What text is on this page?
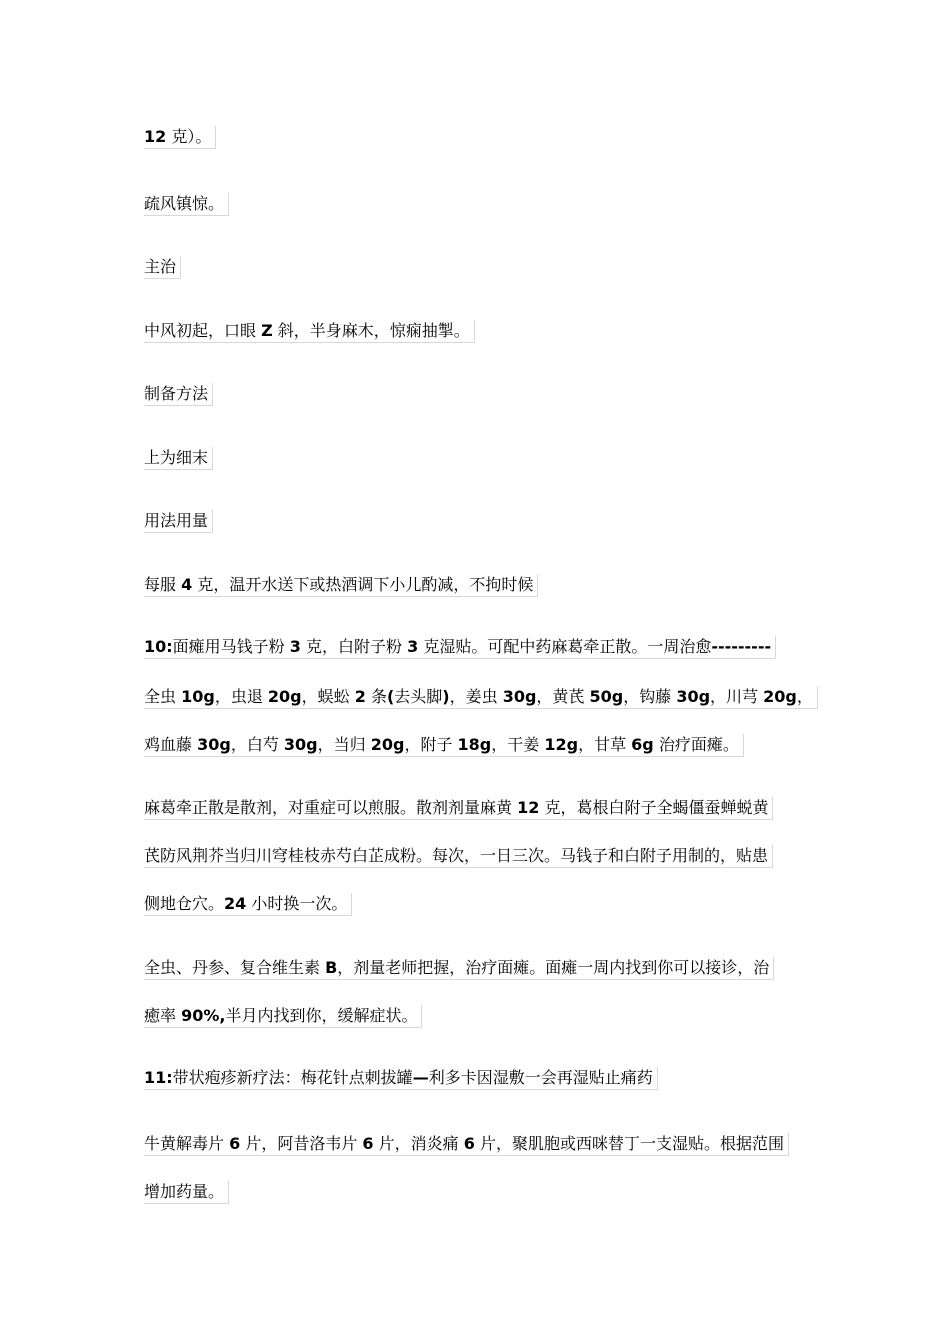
12 克）。
疏风镇惊。
主治
中风初起，口眼 Z 斜，半身麻木，惊痫抽掣。
制备方法
上为细末
用法用量
每服 4 克，温开水送下或热酒调下小儿酌减，不拘时候
10:面瘫用马钱子粉 3 克，白附子粉 3 克湿贴。可配中药麻葛牵正散。一周治愈---------
全虫 10g，虫退 20g，蜈蚣 2 条(去头脚)，姜虫 30g，黄芪 50g，钩藤 30g，川芎 20g，
鸡血藤 30g，白芍 30g，当归 20g，附子 18g，干姜 12g，甘草 6g 治疗面瘫。
麻葛牵正散是散剂，对重症可以煎服。散剂剂量麻黄 12 克，葛根白附子全蝎僵蚕蝉蜕黄
芪防风荆芥当归川穹桂枝赤芍白芷成粉。每次，一日三次。马钱子和白附子用制的，贴患
侧地仓穴。24 小时换一次。
全虫、丹参、复合维生素 B，剂量老师把握，治疗面瘫。面瘫一周内找到你可以接诊，治
癒率 90%,半月内找到你，缓解症状。
11:带状疱疹新疗法：梅花针点刺拔罐—利多卡因湿敷一会再湿贴止痛药
牛黄解毒片 6 片，阿昔洛韦片 6 片，消炎痛 6 片，聚肌胞或西咪替丁一支湿贴。根据范围
增加药量。
